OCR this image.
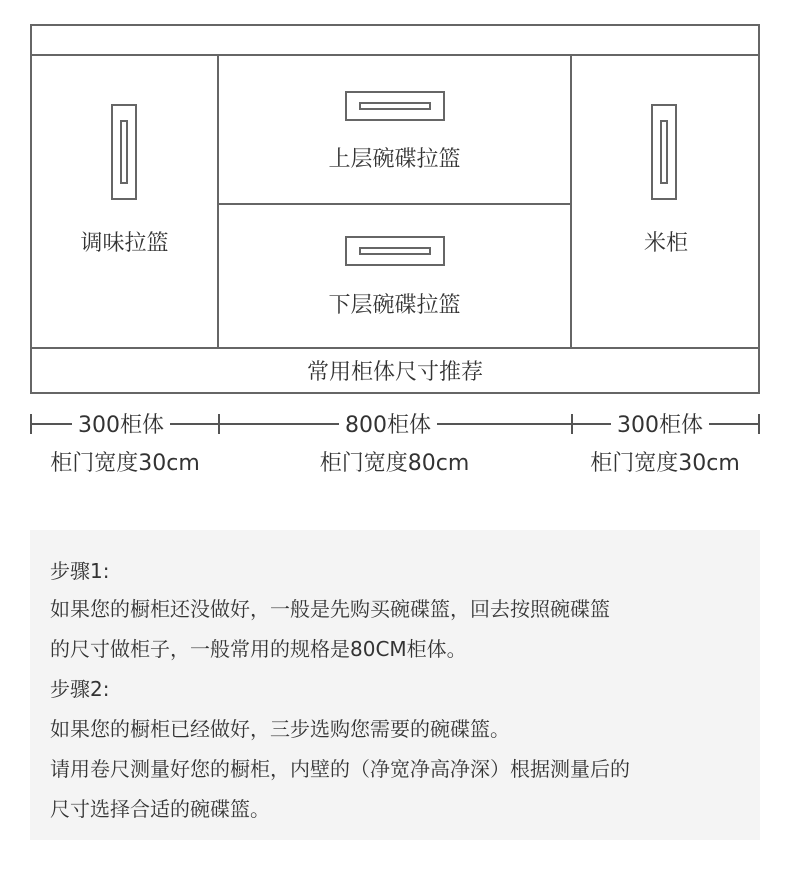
调味拉篮
上层碗碟拉篮
下层碗碟拉篮
米柜
常用柜体尺寸推荐
300柜体	800柜体	300柜体
柜门宽度30cm	柜门宽度80cm	柜门宽度30cm
步骤1:
如果您的橱柜还没做好，一般是先购买碗碟篮，回去按照碗碟篮
的尺寸做柜子，一般常用的规格是80CM柜体。
步骤2:
如果您的橱柜已经做好，三步选购您需要的碗碟篮。
请用卷尺测量好您的橱柜，内壁的（净宽净高净深）根据测量后的
尺寸选择合适的碗碟篮。
